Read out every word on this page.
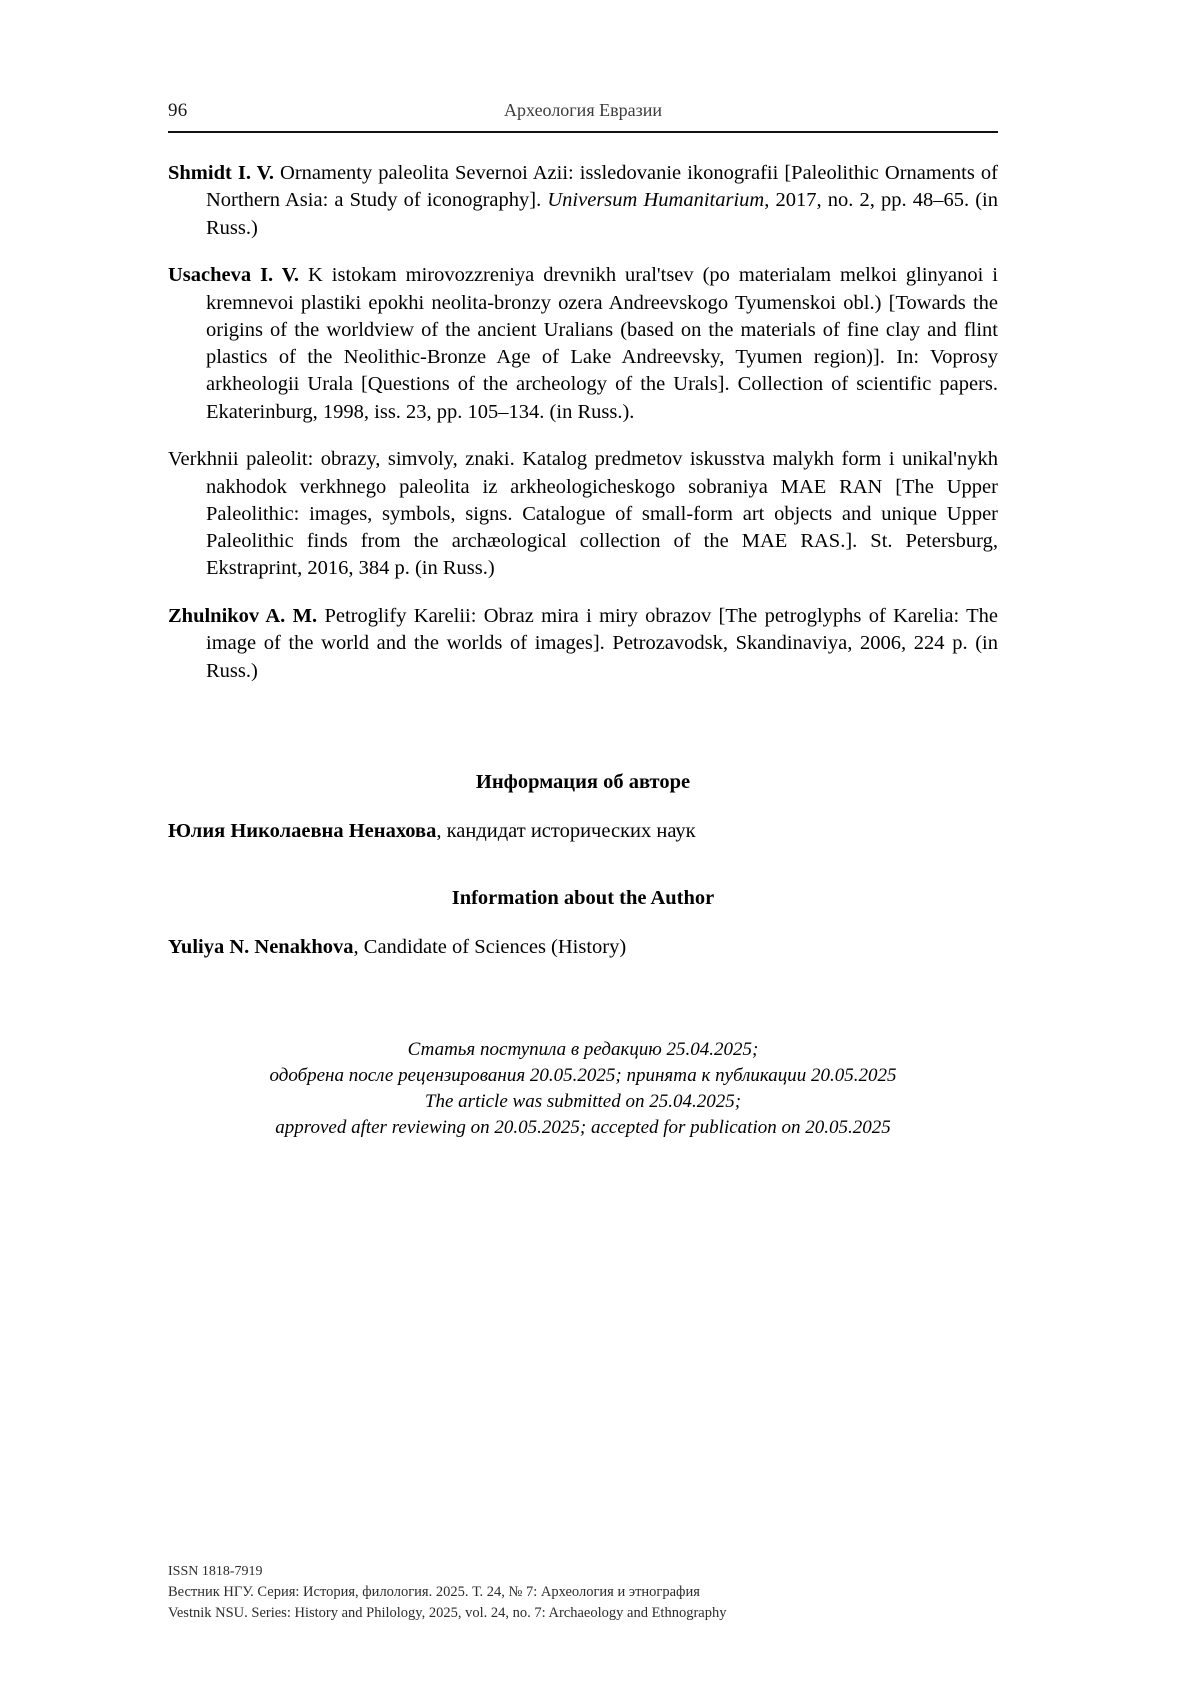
96	Археология Евразии

Shmidt I. V. Ornamenty paleolita Severnoi Azii: issledovanie ikonografii [Paleolithic Ornaments of Northern Asia: a Study of iconography]. Universum Humanitarium, 2017, no. 2, pp. 48–65. (in Russ.)

Usacheva I. V. K istokam mirovozzreniya drevnikh ural'tsev (po materialam melkoi glinyanoi i kremnevoi plastiki epokhi neolita-bronzy ozera Andreevskogo Tyumenskoi obl.) [Towards the origins of the worldview of the ancient Uralians (based on the materials of fine clay and flint plastics of the Neolithic-Bronze Age of Lake Andreevsky, Tyumen region)]. In: Voprosy arkheologii Urala [Questions of the archeology of the Urals]. Collection of scientific papers. Ekaterinburg, 1998, iss. 23, pp. 105–134. (in Russ.).

Verkhnii paleolit: obrazy, simvoly, znaki. Katalog predmetov iskusstva malykh form i unikal'nykh nakhodok verkhnego paleolita iz arkheologicheskogo sobraniya MAE RAN [The Upper Paleolithic: images, symbols, signs. Catalogue of small-form art objects and unique Upper Paleolithic finds from the archæological collection of the MAE RAS.]. St. Petersburg, Ekstraprint, 2016, 384 p. (in Russ.)

Zhulnikov A. M. Petroglify Karelii: Obraz mira i miry obrazov [The petroglyphs of Karelia: The image of the world and the worlds of images]. Petrozavodsk, Skandinaviya, 2006, 224 p. (in Russ.)

Информация об авторе
Юлия Николаевна Ненахова, кандидат исторических наук
Information about the Author
Yuliya N. Nenakhova, Candidate of Sciences (History)
Статья поступила в редакцию 25.04.2025;
одобрена после рецензирования 20.05.2025; принята к публикации 20.05.2025
The article was submitted on 25.04.2025;
approved after reviewing on 20.05.2025; accepted for publication on 20.05.2025
ISSN 1818-7919
Вестник НГУ. Серия: История, филология. 2025. Т. 24, № 7: Археология и этнография
Vestnik NSU. Series: History and Philology, 2025, vol. 24, no. 7: Archaeology and Ethnography
